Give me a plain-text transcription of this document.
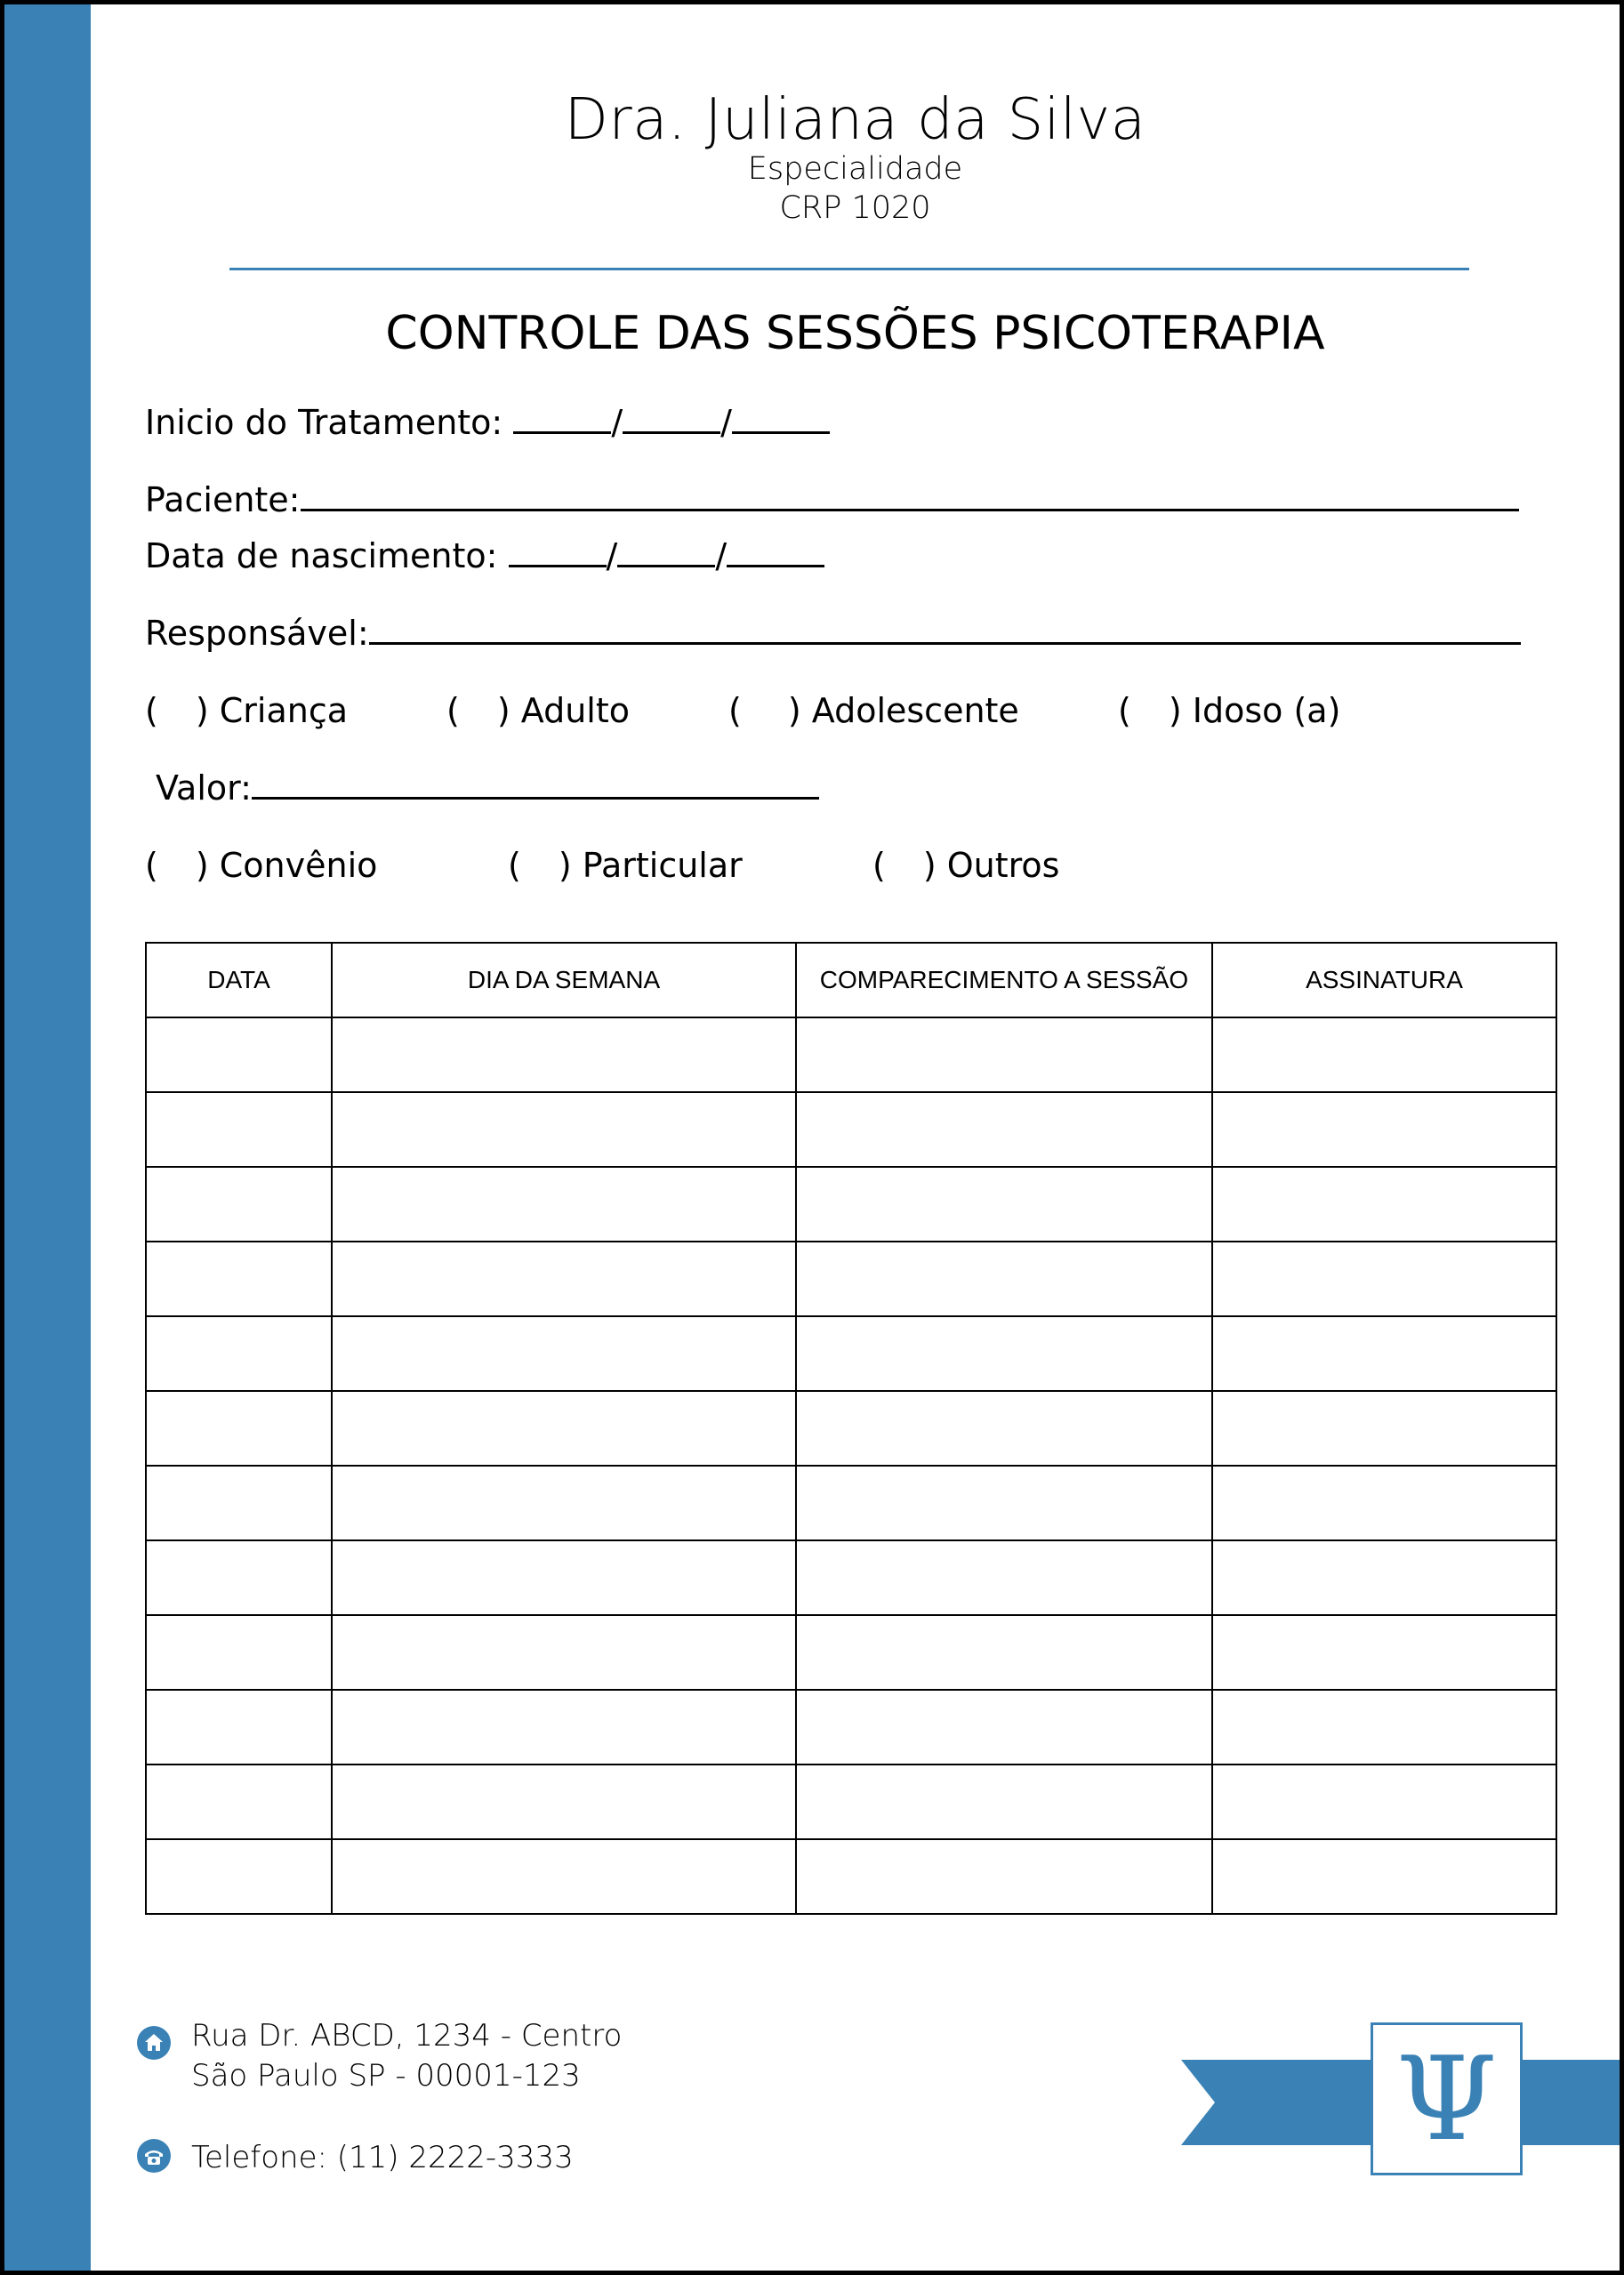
Dra. Juliana da Silva
Especialidade
CRP 1020
CONTROLE DAS SESSÕES PSICOTERAPIA
Inicio do Tratamento:	/	/
Paciente:
Data de nascimento:	/	/
Responsável:
( ) Criança	( ) Adulto	( ) Adolescente	( ) Idoso (a)
Valor:
( ) Convênio	( ) Particular	( ) Outros
DATA	DIA DA SEMANA	COMPARECIMENTO A SESSÃO	ASSINATURA

Rua Dr. ABCD, 1234 - Centro
São Paulo SP - 00001-123
Telefone: (11) 2222-3333	Ψ
